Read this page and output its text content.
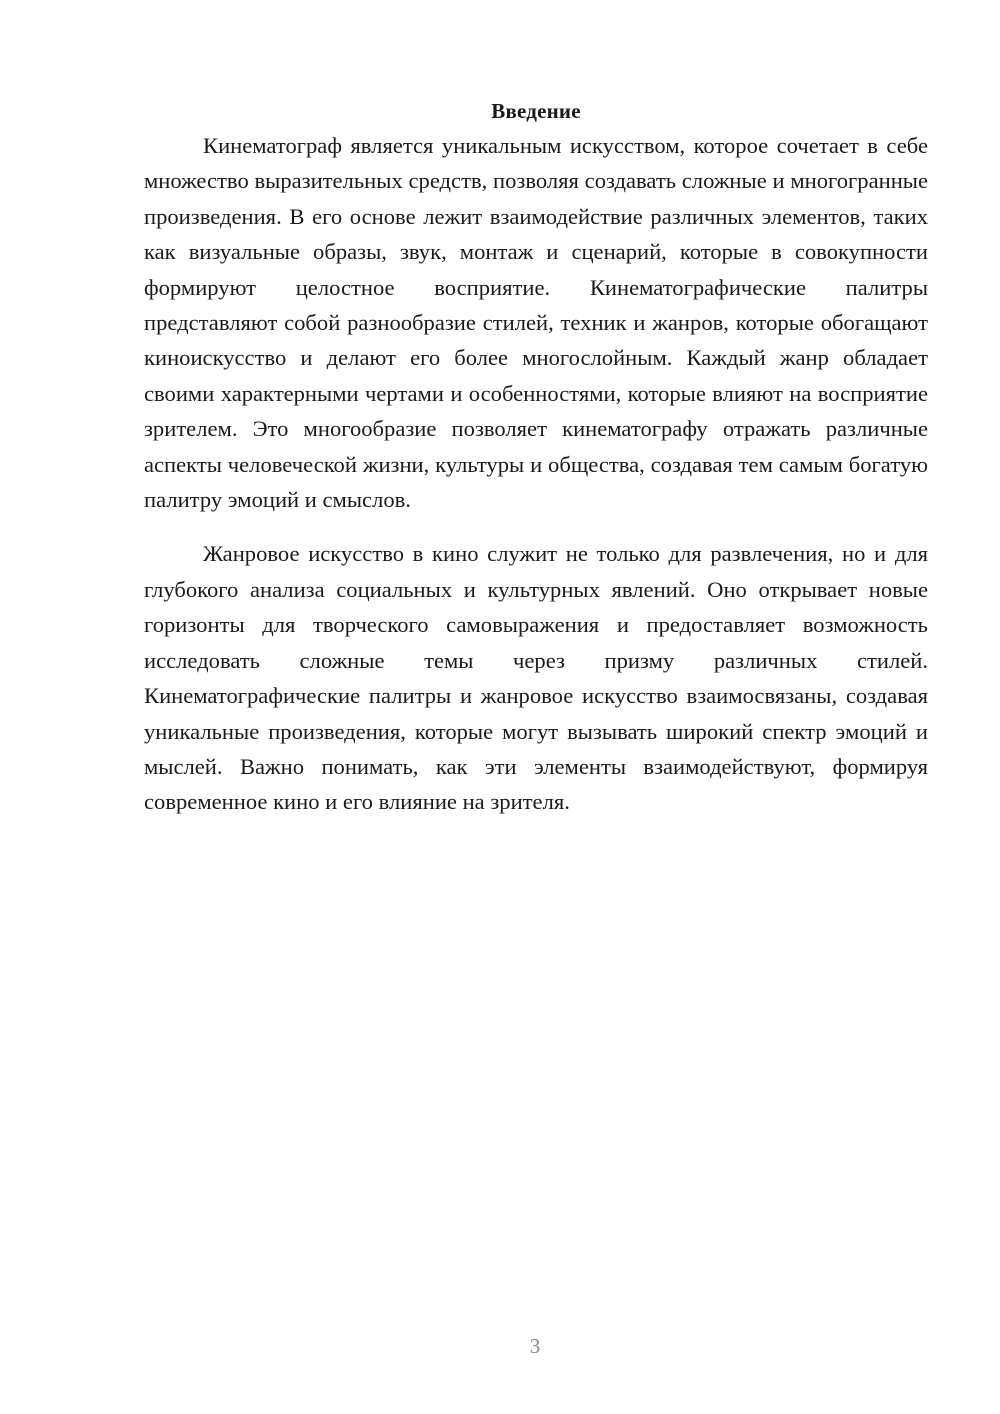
Введение

Кинематограф является уникальным искусством, которое сочетает в себе множество выразительных средств, позволяя создавать сложные и многогранные произведения. В его основе лежит взаимодействие различных элементов, таких как визуальные образы, звук, монтаж и сценарий, которые в совокупности формируют целостное восприятие. Кинематографические палитры представляют собой разнообразие стилей, техник и жанров, которые обогащают киноискусство и делают его более многослойным. Каждый жанр обладает своими характерными чертами и особенностями, которые влияют на восприятие зрителем. Это многообразие позволяет кинематографу отражать различные аспекты человеческой жизни, культуры и общества, создавая тем самым богатую палитру эмоций и смыслов.

Жанровое искусство в кино служит не только для развлечения, но и для глубокого анализа социальных и культурных явлений. Оно открывает новые горизонты для творческого самовыражения и предоставляет возможность исследовать сложные темы через призму различных стилей. Кинематографические палитры и жанровое искусство взаимосвязаны, создавая уникальные произведения, которые могут вызывать широкий спектр эмоций и мыслей. Важно понимать, как эти элементы взаимодействуют, формируя современное кино и его влияние на зрителя.

3
